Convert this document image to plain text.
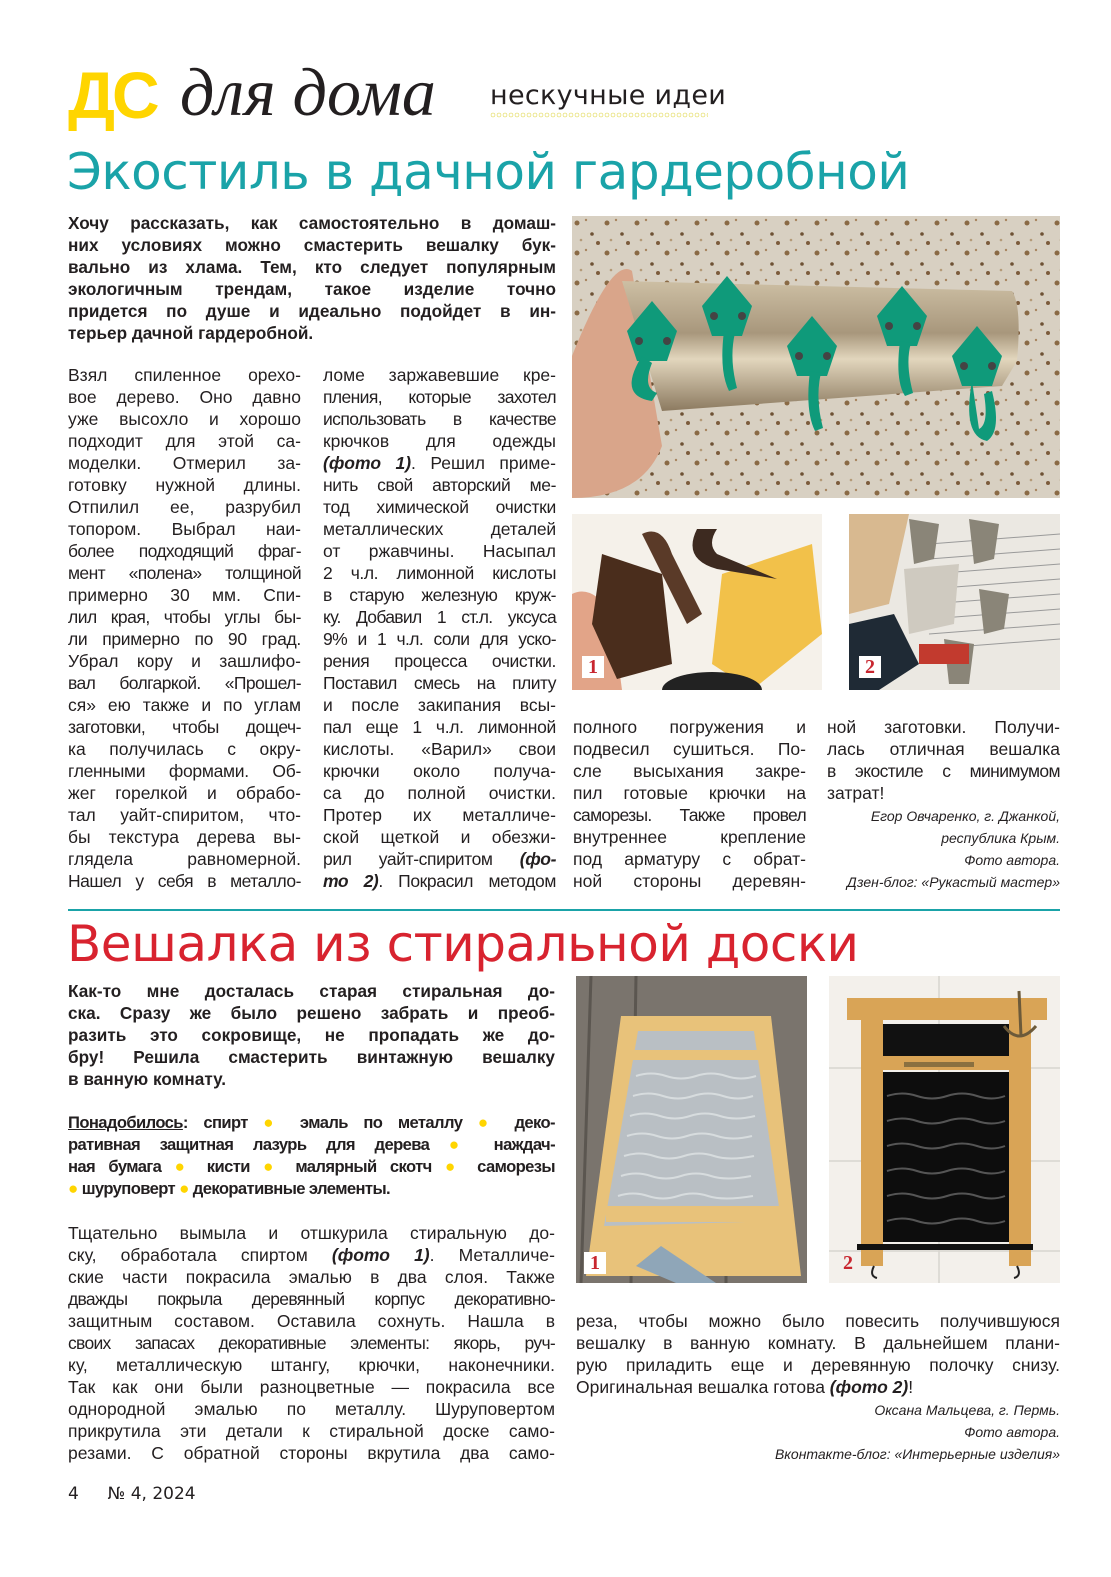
ДС для дома нескучные идеи
Экостиль в дачной гардеробной
Хочу рассказать, как самостоятельно в домаш-
них условиях можно смастерить вешалку бук-
вально из хлама. Тем, кто следует популярным
экологичным трендам, такое изделие точно
придется по душе и идеально подойдет в ин-
терьер дачной гардеробной.
Взял спиленное орехо-
вое дерево. Оно давно
уже высохло и хорошо
подходит для этой са-
моделки. Отмерил за-
готовку нужной длины.
Отпилил ее, разрубил
топором. Выбрал наи-
более подходящий фраг-
мент «полена» толщиной
примерно 30 мм. Спи-
лил края, чтобы углы бы-
ли примерно по 90 град.
Убрал кору и зашлифо-
вал болгаркой. «Прошел-
ся» ею также и по углам
заготовки, чтобы дощеч-
ка получилась с окру-
гленными формами. Об-
жег горелкой и обрабо-
тал уайт-спиритом, что-
бы текстура дерева вы-
глядела равномерной.
Нашел у себя в металло-
ломе заржавевшие кре-
пления, которые захотел
использовать в качестве
крючков для одежды
(фото 1). Решил приме-
нить свой авторский ме-
тод химической очистки
металлических деталей
от ржавчины. Насыпал
2 ч.л. лимонной кислоты
в старую железную круж-
ку. Добавил 1 ст.л. уксуса
9% и 1 ч.л. соли для уско-
рения процесса очистки.
Поставил смесь на плиту
и после закипания всы-
пал еще 1 ч.л. лимонной
кислоты. «Варил» свои
крючки около получа-
са до полной очистки.
Протер их металличе-
ской щеткой и обезжи-
рил уайт-спиритом (фо-
то 2). Покрасил методом
1	2
полного погружения и
подвесил сушиться. По-
сле высыхания закре-
пил готовые крючки на
саморезы. Также провел
внутреннее крепление
под арматуру с обрат-
ной стороны деревян-
ной заготовки. Получи-
лась отличная вешалка
в экостиле с минимумом
затрат!
Егор Овчаренко, г. Джанкой,
республика Крым.
Фото автора.
Дзен-блог: «Рукастый мастер»
Вешалка из стиральной доски
Как-то мне досталась старая стиральная до-
ска. Сразу же было решено забрать и преоб-
разить это сокровище, не пропадать же до-
бру! Решила смастерить винтажную вешалку
в ванную комнату.
Понадобилось: спирт ● эмаль по металлу ● деко-
ративная защитная лазурь для дерева ● наждач-
ная бумага ● кисти ● малярный скотч ● саморезы
● шуруповерт ● декоративные элементы.
Тщательно вымыла и отшкурила стиральную до-
ску, обработала спиртом (фото 1). Металличе-
ские части покрасила эмалью в два слоя. Также
дважды покрыла деревянный корпус декоративно-
защитным составом. Оставила сохнуть. Нашла в
своих запасах декоративные элементы: якорь, руч-
ку, металлическую штангу, крючки, наконечники.
Так как они были разноцветные — покрасила все
однородной эмалью по металлу. Шуруповертом
прикрутила эти детали к стиральной доске само-
резами. С обратной стороны вкрутила два само-
1	2
реза, чтобы можно было повесить получившуюся
вешалку в ванную комнату. В дальнейшем плани-
рую приладить еще и деревянную полочку снизу.
Оригинальная вешалка готова (фото 2)!
Оксана Мальцева, г. Пермь.
Фото автора.
Вконтакте-блог: «Интерьерные изделия»
4 № 4, 2024
